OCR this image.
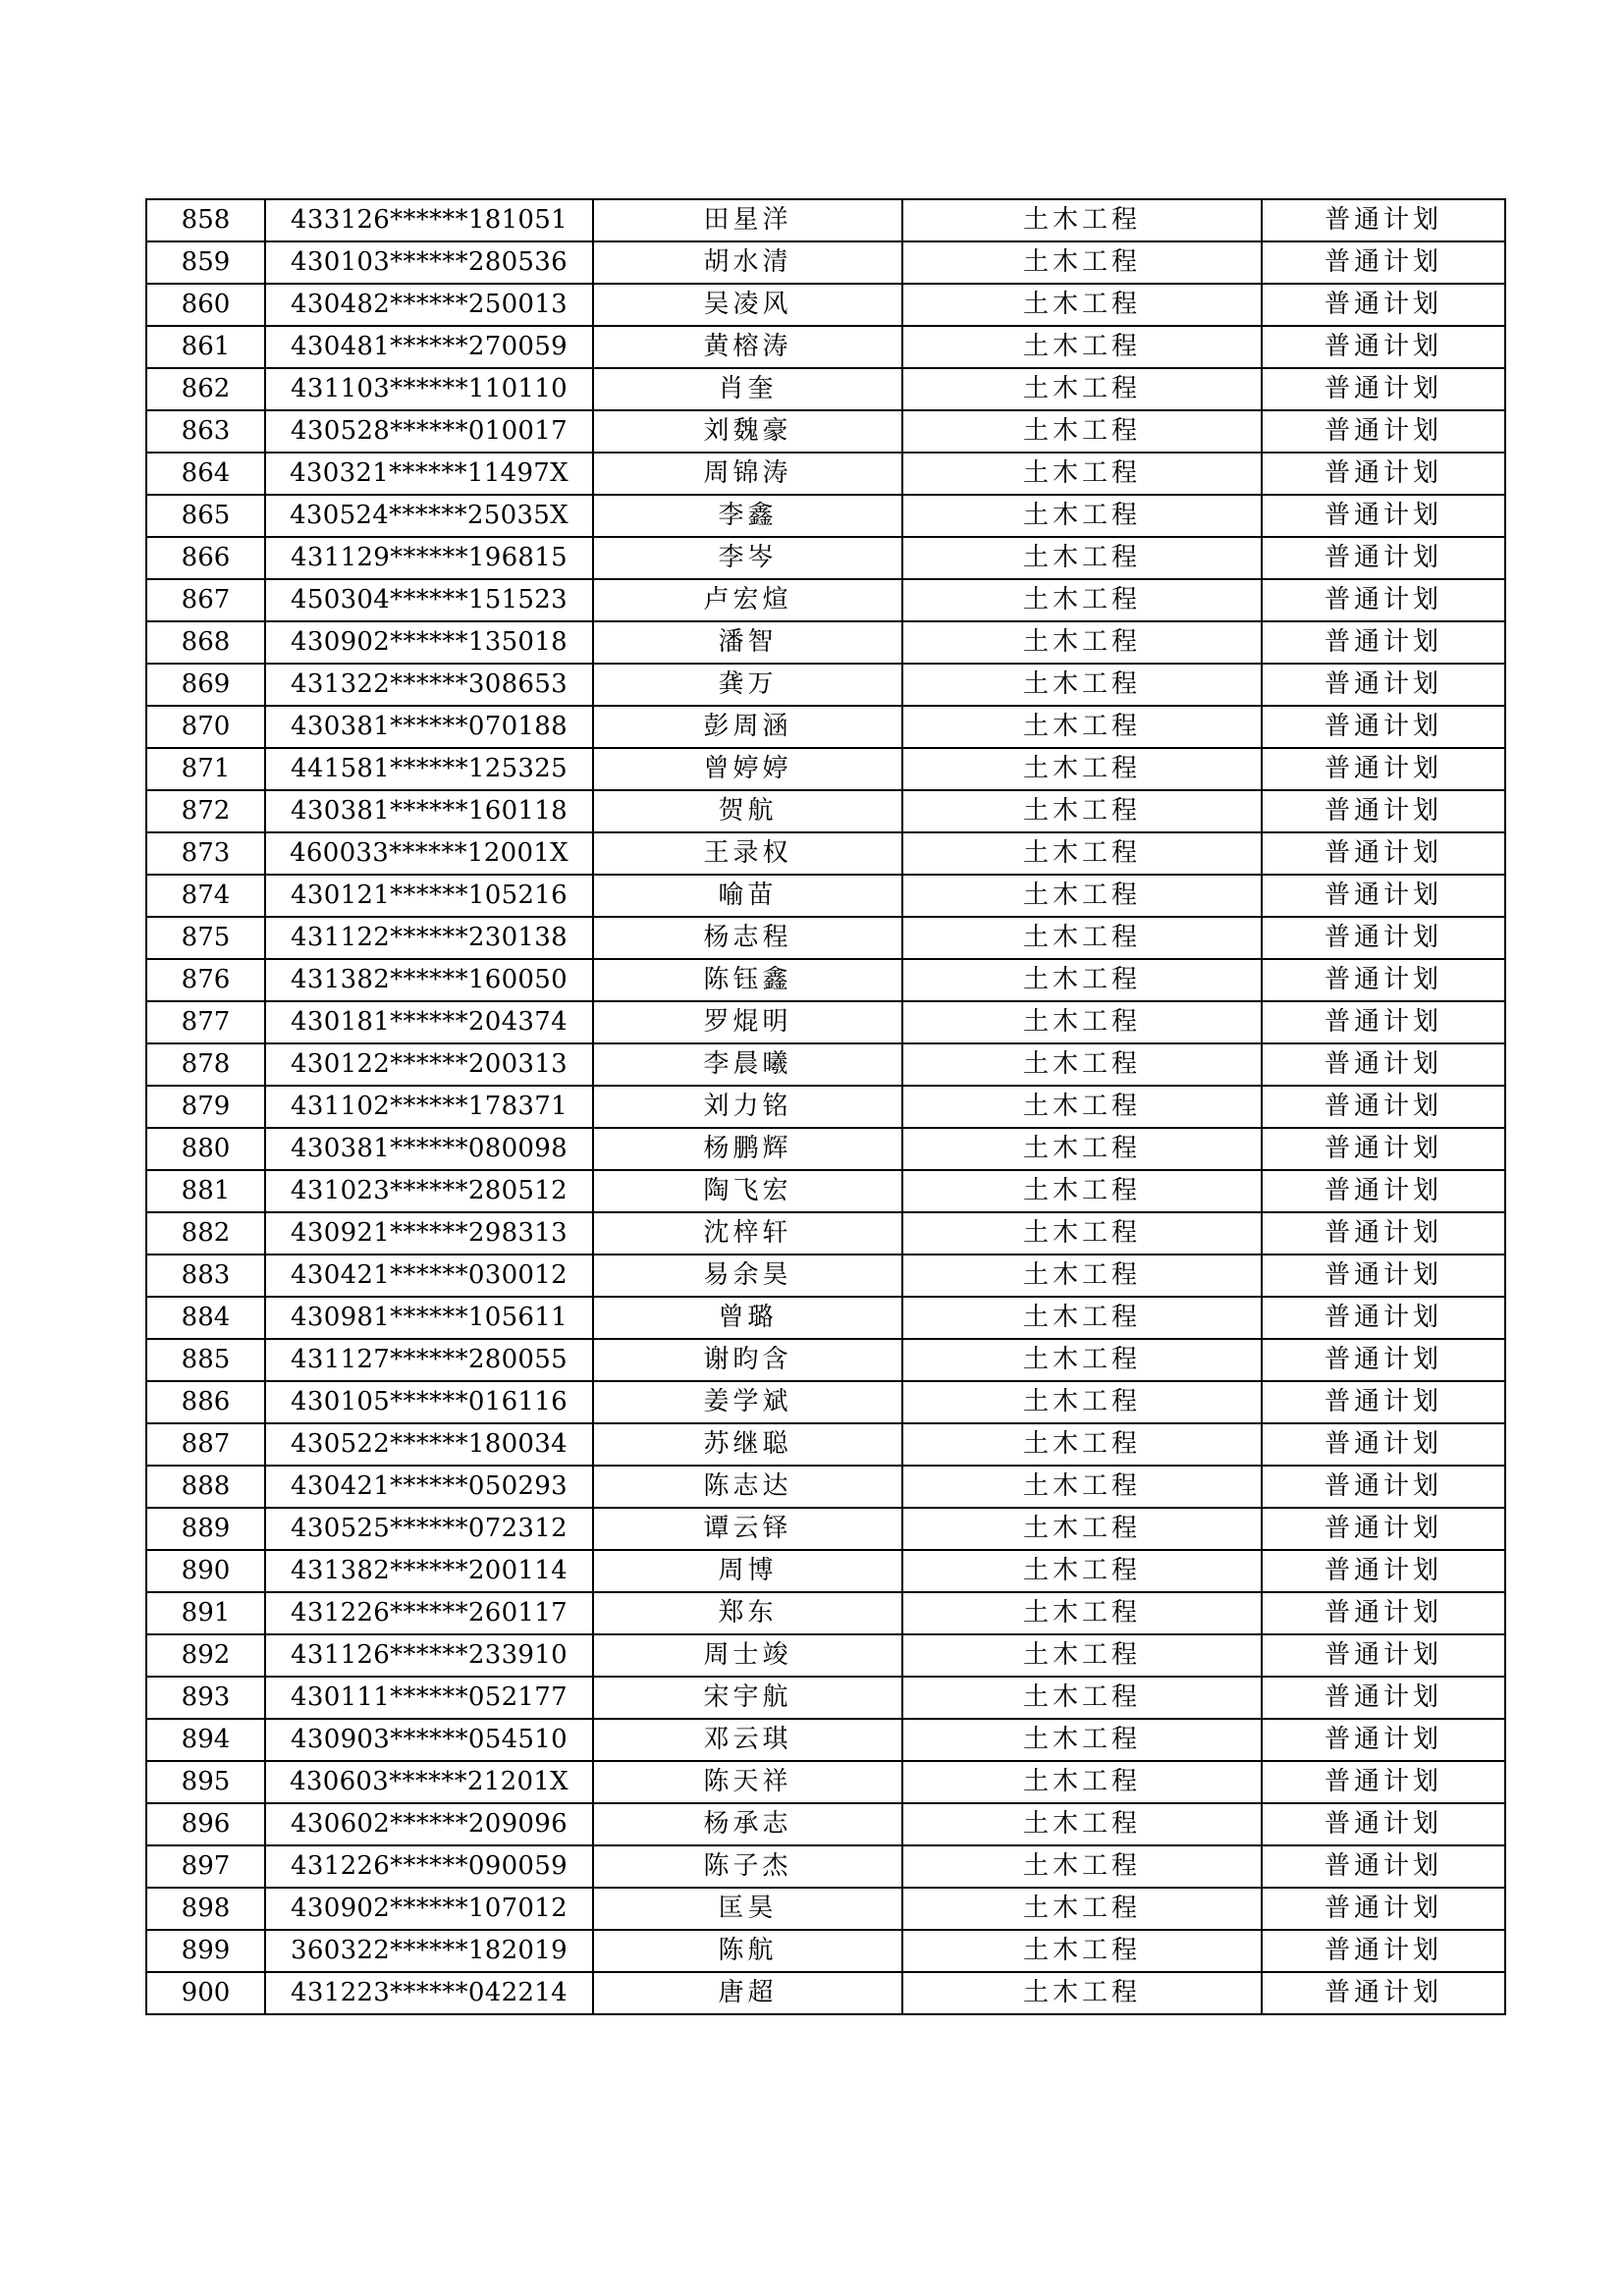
858	433126******181051	田星洋	土木工程	普通计划
859	430103******280536	胡水清	土木工程	普通计划
860	430482******250013	吴凌风	土木工程	普通计划
861	430481******270059	黄榕涛	土木工程	普通计划
862	431103******110110	肖奎	土木工程	普通计划
863	430528******010017	刘魏豪	土木工程	普通计划
864	430321******11497X	周锦涛	土木工程	普通计划
865	430524******25035X	李鑫	土木工程	普通计划
866	431129******196815	李岑	土木工程	普通计划
867	450304******151523	卢宏煊	土木工程	普通计划
868	430902******135018	潘智	土木工程	普通计划
869	431322******308653	龚万	土木工程	普通计划
870	430381******070188	彭周涵	土木工程	普通计划
871	441581******125325	曾婷婷	土木工程	普通计划
872	430381******160118	贺航	土木工程	普通计划
873	460033******12001X	王录权	土木工程	普通计划
874	430121******105216	喻苗	土木工程	普通计划
875	431122******230138	杨志程	土木工程	普通计划
876	431382******160050	陈钰鑫	土木工程	普通计划
877	430181******204374	罗焜明	土木工程	普通计划
878	430122******200313	李晨曦	土木工程	普通计划
879	431102******178371	刘力铭	土木工程	普通计划
880	430381******080098	杨鹏辉	土木工程	普通计划
881	431023******280512	陶飞宏	土木工程	普通计划
882	430921******298313	沈梓轩	土木工程	普通计划
883	430421******030012	易余昊	土木工程	普通计划
884	430981******105611	曾璐	土木工程	普通计划
885	431127******280055	谢昀含	土木工程	普通计划
886	430105******016116	姜学斌	土木工程	普通计划
887	430522******180034	苏继聪	土木工程	普通计划
888	430421******050293	陈志达	土木工程	普通计划
889	430525******072312	谭云铎	土木工程	普通计划
890	431382******200114	周博	土木工程	普通计划
891	431226******260117	郑东	土木工程	普通计划
892	431126******233910	周士竣	土木工程	普通计划
893	430111******052177	宋宇航	土木工程	普通计划
894	430903******054510	邓云琪	土木工程	普通计划
895	430603******21201X	陈天祥	土木工程	普通计划
896	430602******209096	杨承志	土木工程	普通计划
897	431226******090059	陈子杰	土木工程	普通计划
898	430902******107012	匡昊	土木工程	普通计划
899	360322******182019	陈航	土木工程	普通计划
900	431223******042214	唐超	土木工程	普通计划
